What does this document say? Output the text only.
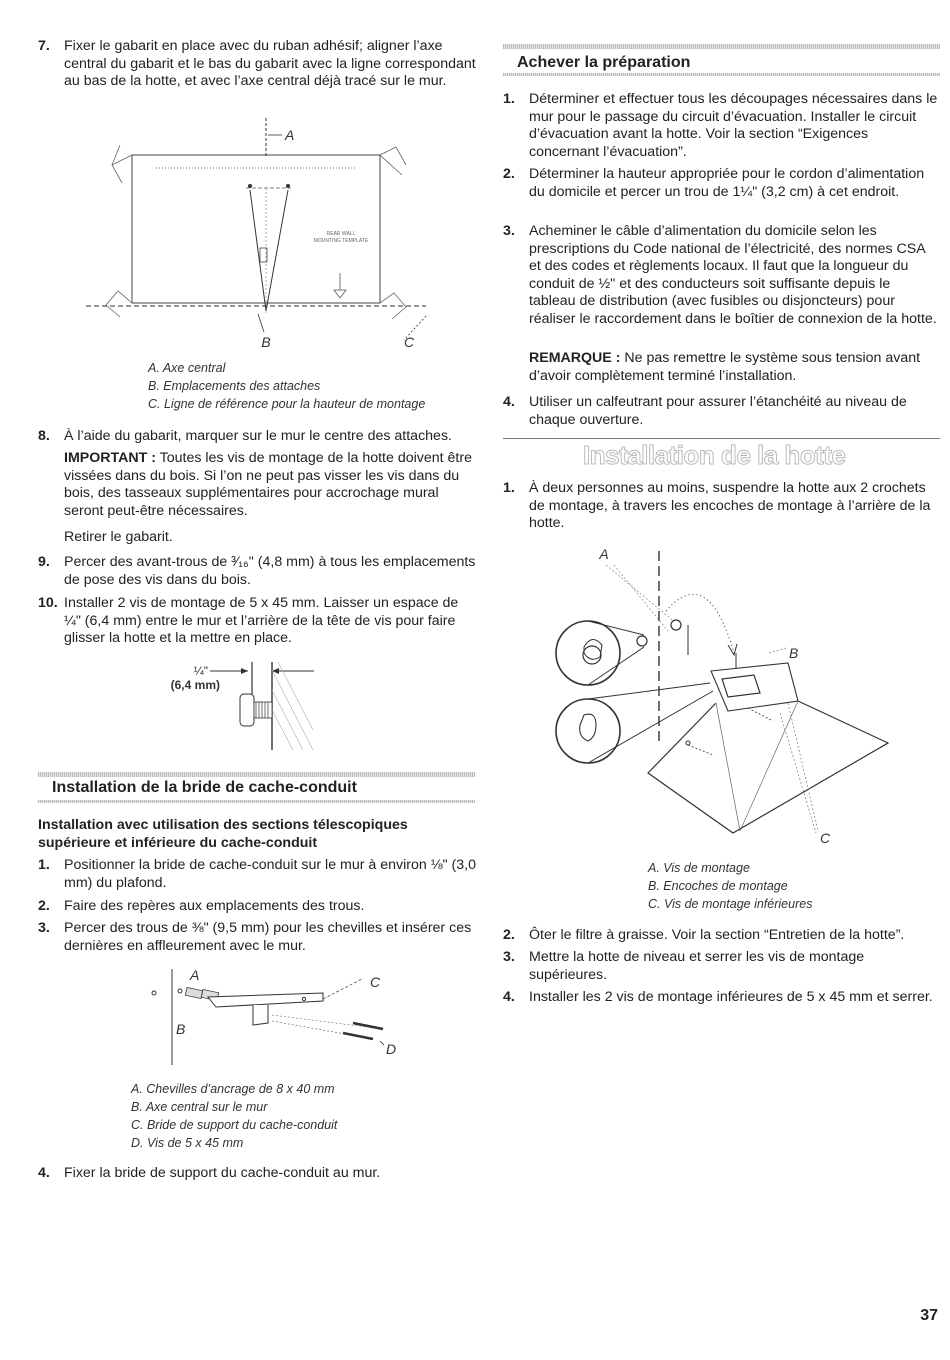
7. Fixer le gabarit en place avec du ruban adhésif; aligner l’axe central du gabarit et le bas du gabarit avec la ligne correspondant au bas de la hotte, et avec l’axe central déjà tracé sur le mur.
A
REAR WALL
MOUNTING TEMPLATE
B	C
A. Axe central
B. Emplacements des attaches
C. Ligne de référence pour la hauteur de montage
8. À l’aide du gabarit, marquer sur le mur le centre des attaches.
IMPORTANT : Toutes les vis de montage de la hotte doivent être vissées dans du bois. Si l’on ne peut pas visser les vis dans du bois, des tasseaux supplémentaires pour accrochage mural seront peut-être nécessaires.
Retirer le gabarit.
9. Percer des avant-trous de ³⁄₁₆" (4,8 mm) à tous les emplacements de pose des vis dans du bois.
10. Installer 2 vis de montage de 5 x 45 mm. Laisser un espace de ¼" (6,4 mm) entre le mur et l’arrière de la tête de vis pour faire glisser la hotte et la mettre en place.
¼"
(6,4 mm)
Installation de la bride de cache-conduit
Installation avec utilisation des sections télescopiques supérieure et inférieure du cache-conduit
1. Positionner la bride de cache-conduit sur le mur à environ ⅛" (3,0 mm) du plafond.
2. Faire des repères aux emplacements des trous.
3. Percer des trous de ⅜" (9,5 mm) pour les chevilles et insérer ces dernières en affleurement avec le mur.
A
B
C
D
A. Chevilles d’ancrage de 8 x 40 mm
B. Axe central sur le mur
C. Bride de support du cache-conduit
D. Vis de 5 x 45 mm
4. Fixer la bride de support du cache-conduit au mur.
Achever la préparation
1. Déterminer et effectuer tous les découpages nécessaires dans le mur pour le passage du circuit d’évacuation. Installer le circuit d’évacuation avant la hotte. Voir la section “Exigences concernant l’évacuation”.
2. Déterminer la hauteur appropriée pour le cordon d’alimentation du domicile et percer un trou de 1¼" (3,2 cm) à cet endroit.
3. Acheminer le câble d’alimentation du domicile selon les prescriptions du Code national de l’électricité, des normes CSA et des codes et règlements locaux. Il faut que la longueur du conduit de ½" et des conducteurs soit suffisante depuis le tableau de distribution (avec fusibles ou disjoncteurs) pour réaliser le raccordement dans le boîtier de connexion de la hotte.
REMARQUE : Ne pas remettre le système sous tension avant d’avoir complètement terminé l’installation.
4. Utiliser un calfeutrant pour assurer l’étanchéité au niveau de chaque ouverture.
Installation de la hotte
1. À deux personnes au moins, suspendre la hotte aux 2 crochets de montage, à travers les encoches de montage à l’arrière de la hotte.
A
B
C
A. Vis de montage
B. Encoches de montage
C. Vis de montage inférieures
2. Ôter le filtre à graisse. Voir la section “Entretien de la hotte”.
3. Mettre la hotte de niveau et serrer les vis de montage supérieures.
4. Installer les 2 vis de montage inférieures de 5 x 45 mm et serrer.
37
